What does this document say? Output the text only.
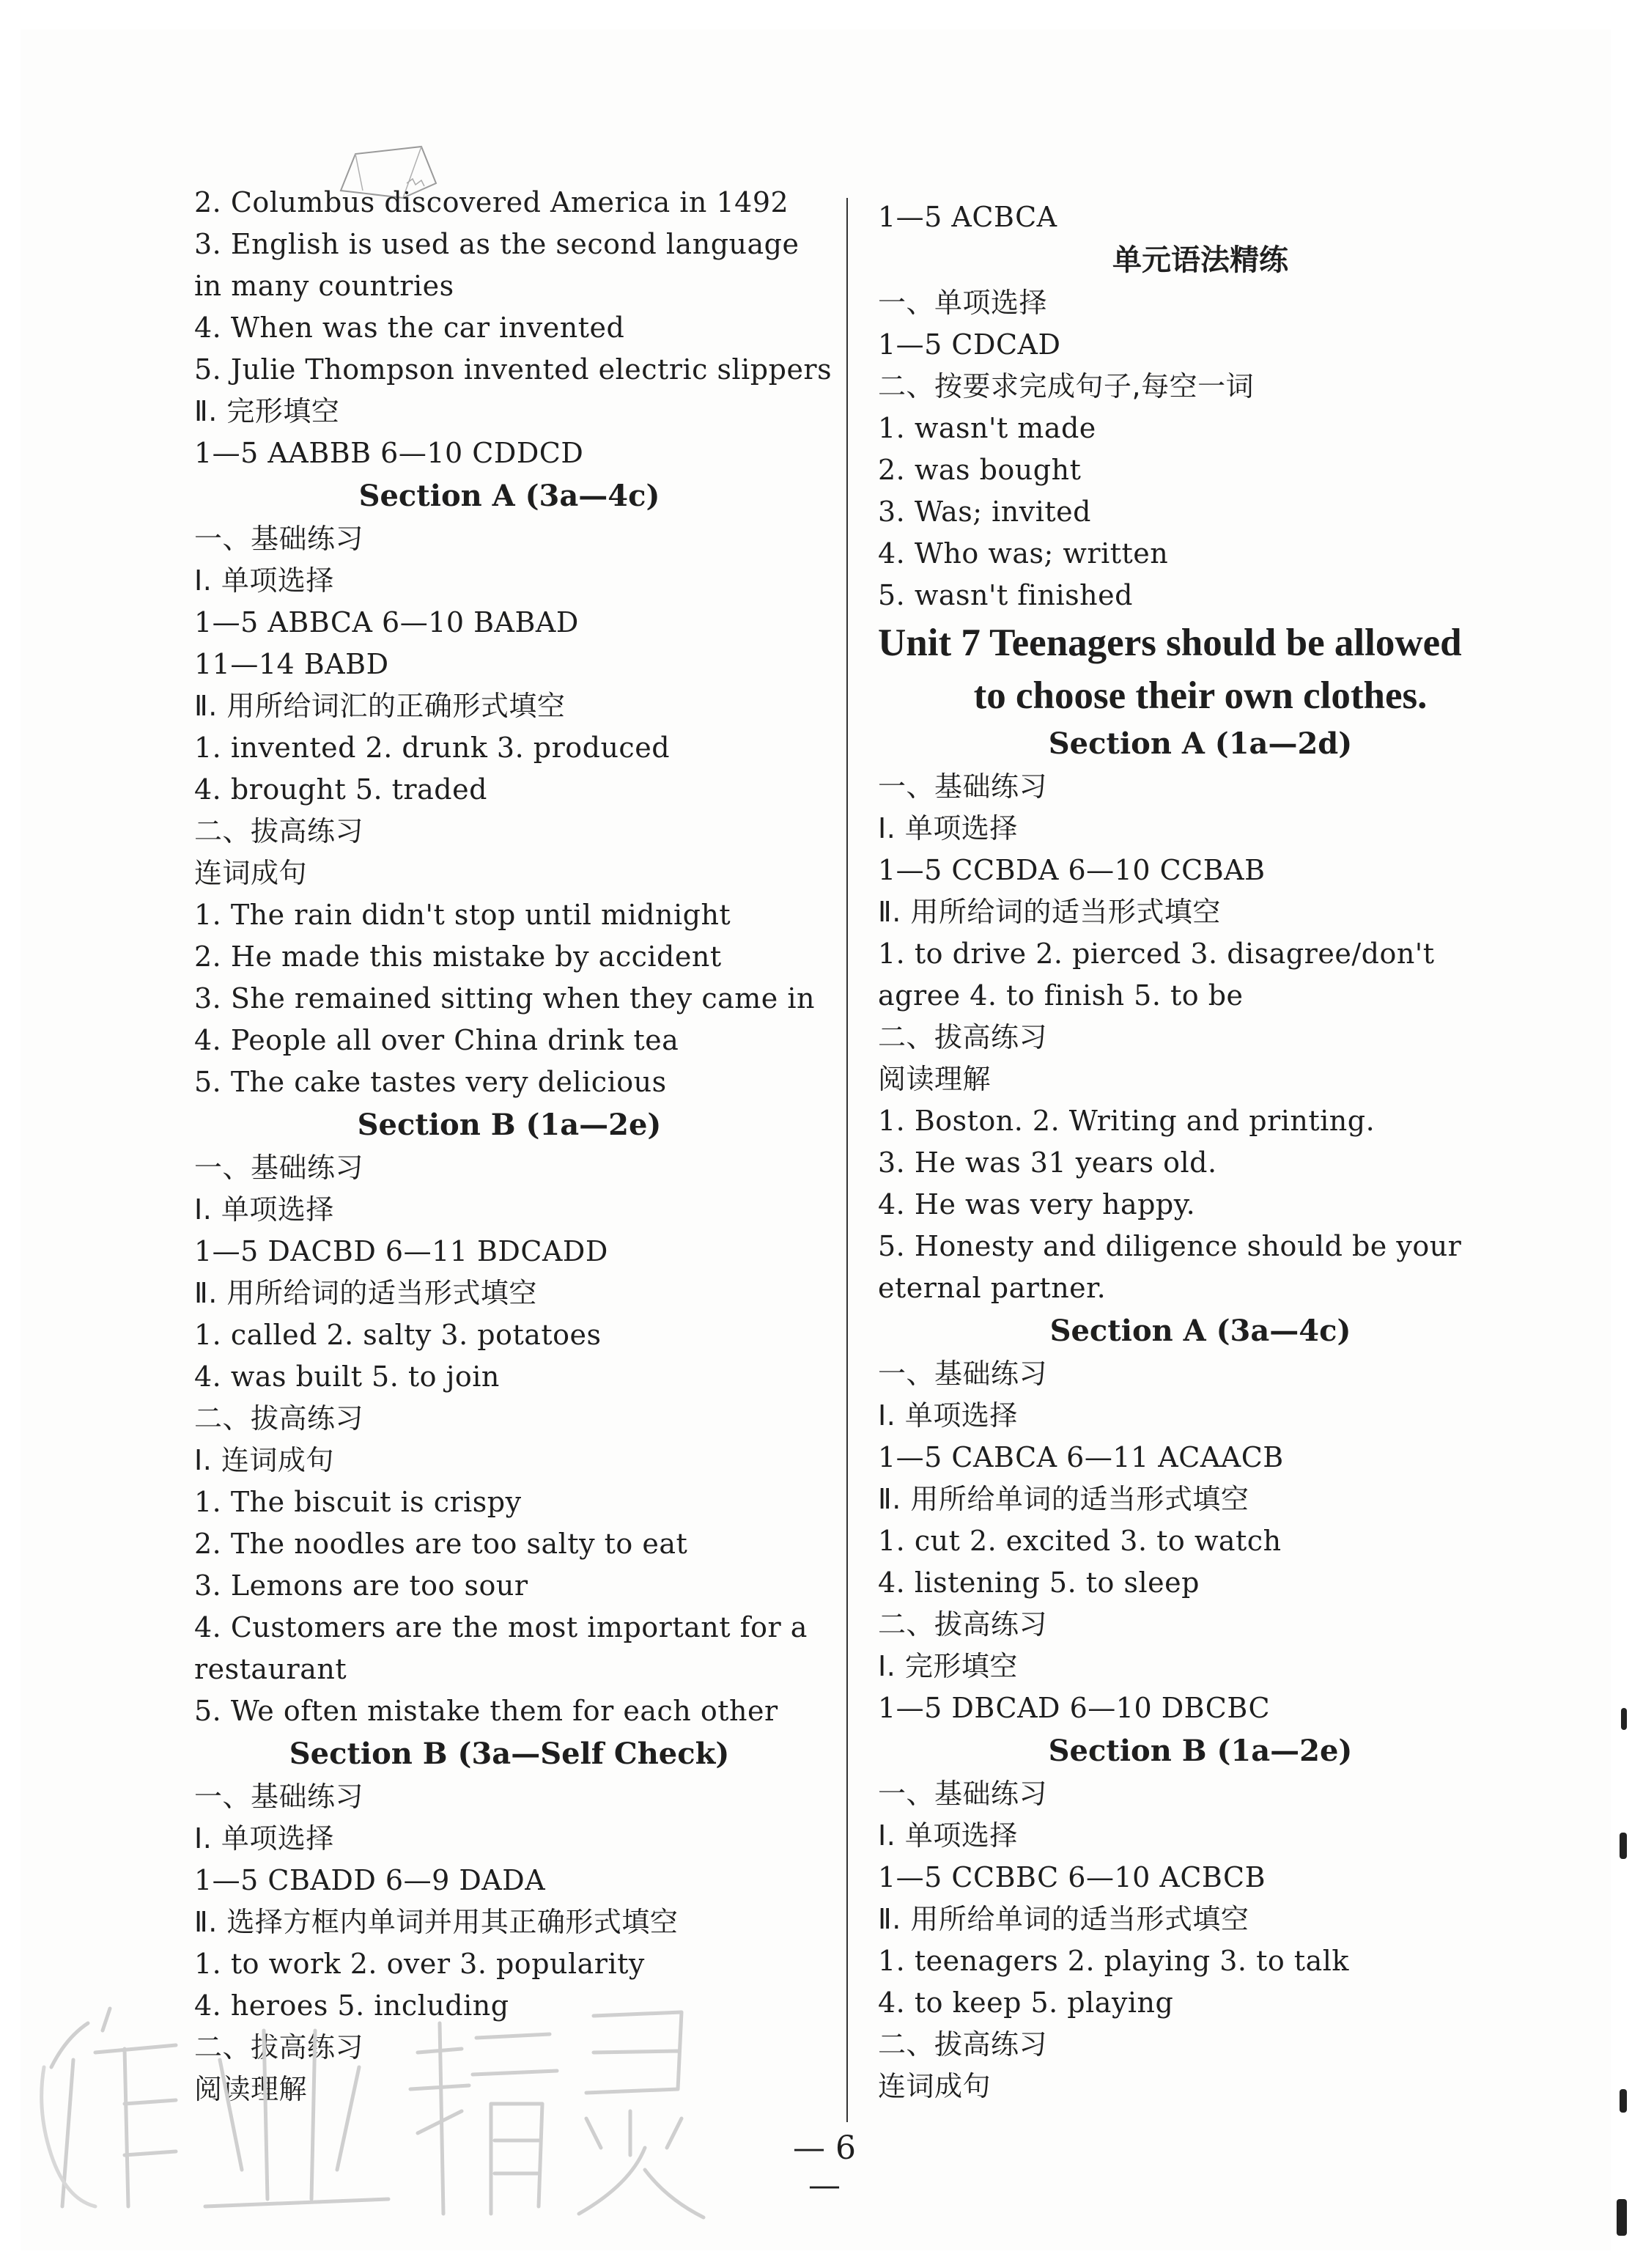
2. Columbus discovered America in 1492
3. English is used as the second language in many countries
4. When was the car invented
5. Julie Thompson invented electric slippers
Ⅱ. 完形填空
1—5 AABBB 6—10 CDDCD
Section A (3a—4c)
一、基础练习
Ⅰ. 单项选择
1—5 ABBCA 6—10 BABAD
11—14 BABD
Ⅱ. 用所给词汇的正确形式填空
1. invented 2. drunk 3. produced
4. brought 5. traded
二、拔高练习
连词成句
1. The rain didn't stop until midnight
2. He made this mistake by accident
3. She remained sitting when they came in
4. People all over China drink tea
5. The cake tastes very delicious
Section B (1a—2e)
一、基础练习
Ⅰ. 单项选择
1—5 DACBD 6—11 BDCADD
Ⅱ. 用所给词的适当形式填空
1. called 2. salty 3. potatoes
4. was built 5. to join
二、拔高练习
Ⅰ. 连词成句
1. The biscuit is crispy
2. The noodles are too salty to eat
3. Lemons are too sour
4. Customers are the most important for a restaurant
5. We often mistake them for each other
Section B (3a—Self Check)
一、基础练习
Ⅰ. 单项选择
1—5 CBADD 6—9 DADA
Ⅱ. 选择方框内单词并用其正确形式填空
1. to work 2. over 3. popularity
4. heroes 5. including
二、拔高练习
阅读理解
1—5 ACBCA
单元语法精练
一、单项选择
1—5 CDCAD
二、按要求完成句子,每空一词
1. wasn't made
2. was bought
3. Was; invited
4. Who was; written
5. wasn't finished
Unit 7 Teenagers should be allowed
to choose their own clothes.
Section A (1a—2d)
一、基础练习
Ⅰ. 单项选择
1—5 CCBDA 6—10 CCBAB
Ⅱ. 用所给词的适当形式填空
1. to drive 2. pierced 3. disagree/don't agree 4. to finish 5. to be
二、拔高练习
阅读理解
1. Boston. 2. Writing and printing.
3. He was 31 years old.
4. He was very happy.
5. Honesty and diligence should be your eternal partner.
Section A (3a—4c)
一、基础练习
Ⅰ. 单项选择
1—5 CABCA 6—11 ACAACB
Ⅱ. 用所给单词的适当形式填空
1. cut 2. excited 3. to watch
4. listening 5. to sleep
二、拔高练习
Ⅰ. 完形填空
1—5 DBCAD 6—10 DBCBC
Section B (1a—2e)
一、基础练习
Ⅰ. 单项选择
1—5 CCBBC 6—10 ACBCB
Ⅱ. 用所给单词的适当形式填空
1. teenagers 2. playing 3. to talk
4. to keep 5. playing
二、拔高练习
连词成句
— 6 —
